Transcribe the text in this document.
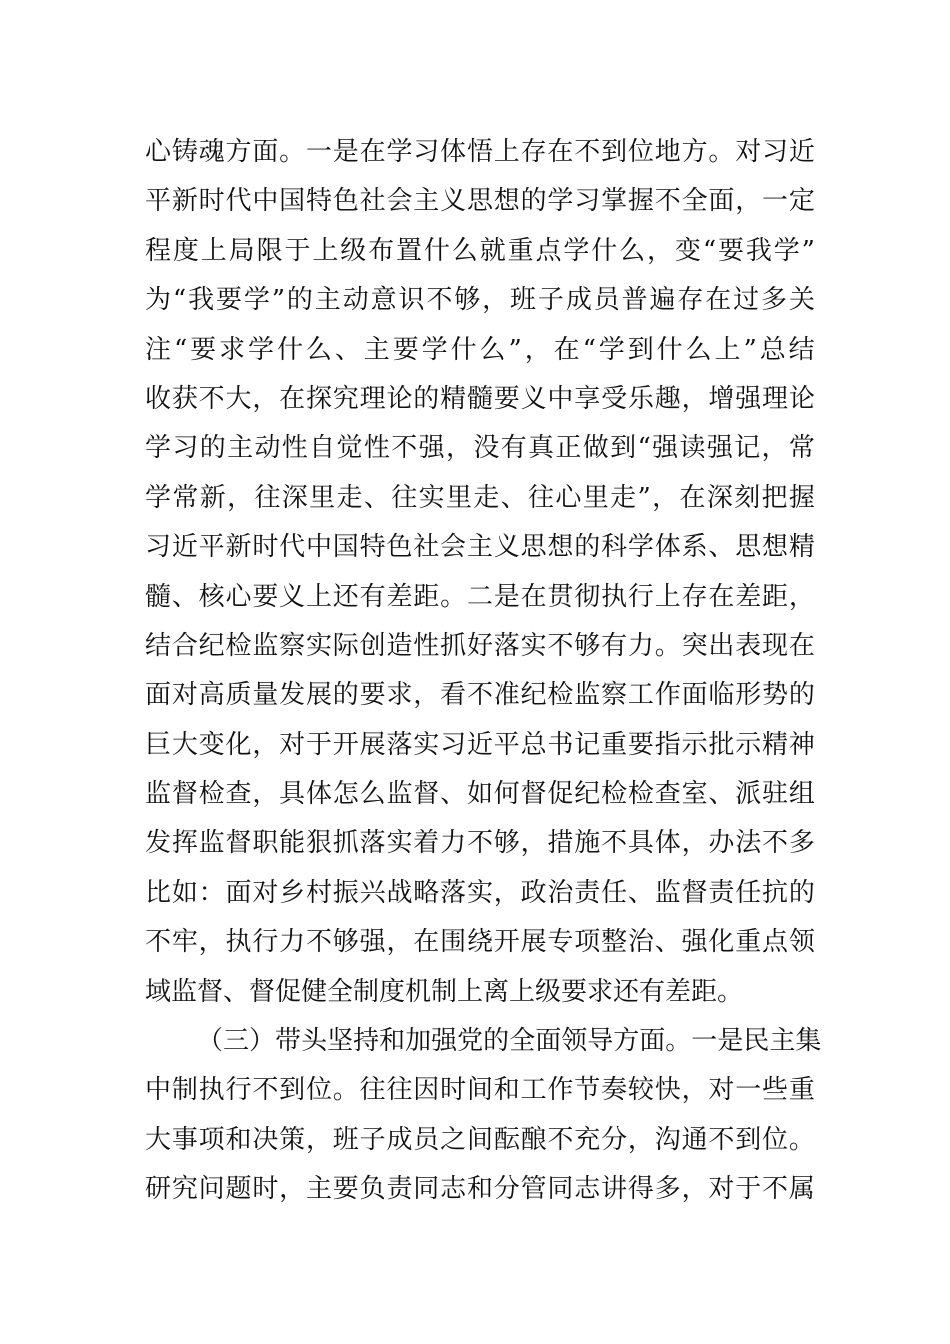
心 铸 魂 方 面 。 一 是 在 学 习 体 悟 上 存 在 不 到 位 地 方 。 对 习 近
平 新 时 代 中 国 特 色 社 会 主 义 思 想 的 学 习 掌 握 不 全 面 ， 一 定
程 度 上 局 限 于 上 级 布 置 什 么 就 重 点 学 什 么 ， 变 “ 要 我 学 ”
为 “ 我 要 学 ” 的 主 动 意 识 不 够 ， 班 子 成 员 普 遍 存 在 过 多 关
注 “ 要 求 学 什 么 、 主 要 学 什 么 ” ， 在 “ 学 到 什 么 上 ” 总 结
收 获 不 大 ， 在 探 究 理 论 的 精 髓 要 义 中 享 受 乐 趣 ， 增 强 理 论
学 习 的 主 动 性 自 觉 性 不 强 ， 没 有 真 正 做 到 “ 强 读 强 记 ， 常
学 常 新 ， 往 深 里 走 、 往 实 里 走 、 往 心 里 走 ” ， 在 深 刻 把 握
习 近 平 新 时 代 中 国 特 色 社 会 主 义 思 想 的 科 学 体 系 、 思 想 精
髓 、 核 心 要 义 上 还 有 差 距 。 二 是 在 贯 彻 执 行 上 存 在 差 距 ，
结 合 纪 检 监 察 实 际 创 造 性 抓 好 落 实 不 够 有 力 。 突 出 表 现 在
面 对 高 质 量 发 展 的 要 求 ， 看 不 准 纪 检 监 察 工 作 面 临 形 势 的
巨 大 变 化 ， 对 于 开 展 落 实 习 近 平 总 书 记 重 要 指 示 批 示 精 神
监 督 检 查 ， 具 体 怎 么 监 督 、 如 何 督 促 纪 检 检 查 室 、 派 驻 组
发 挥 监 督 职 能 狠 抓 落 实 着 力 不 够 ， 措 施 不 具 体 ， 办 法 不 多
比 如 ： 面 对 乡 村 振 兴 战 略 落 实 ， 政 治 责 任 、 监 督 责 任 抗 的
不 牢 ， 执 行 力 不 够 强 ， 在 围 绕 开 展 专 项 整 治 、 强 化 重 点 领
域监督、督促健全制度机制上离上级要求还有差距。
（ 三 ） 带 头 坚 持 和 加 强 党 的 全 面 领 导 方 面 。 一 是 民 主 集
中 制 执 行 不 到 位 。 往 往 因 时 间 和 工 作 节 奏 较 快 ， 对 一 些 重
大 事 项 和 决 策 ， 班 子 成 员 之 间 酝 酿 不 充 分 ， 沟 通 不 到 位 。
研 究 问 题 时 ， 主 要 负 责 同 志 和 分 管 同 志 讲 得 多 ， 对 于 不 属
